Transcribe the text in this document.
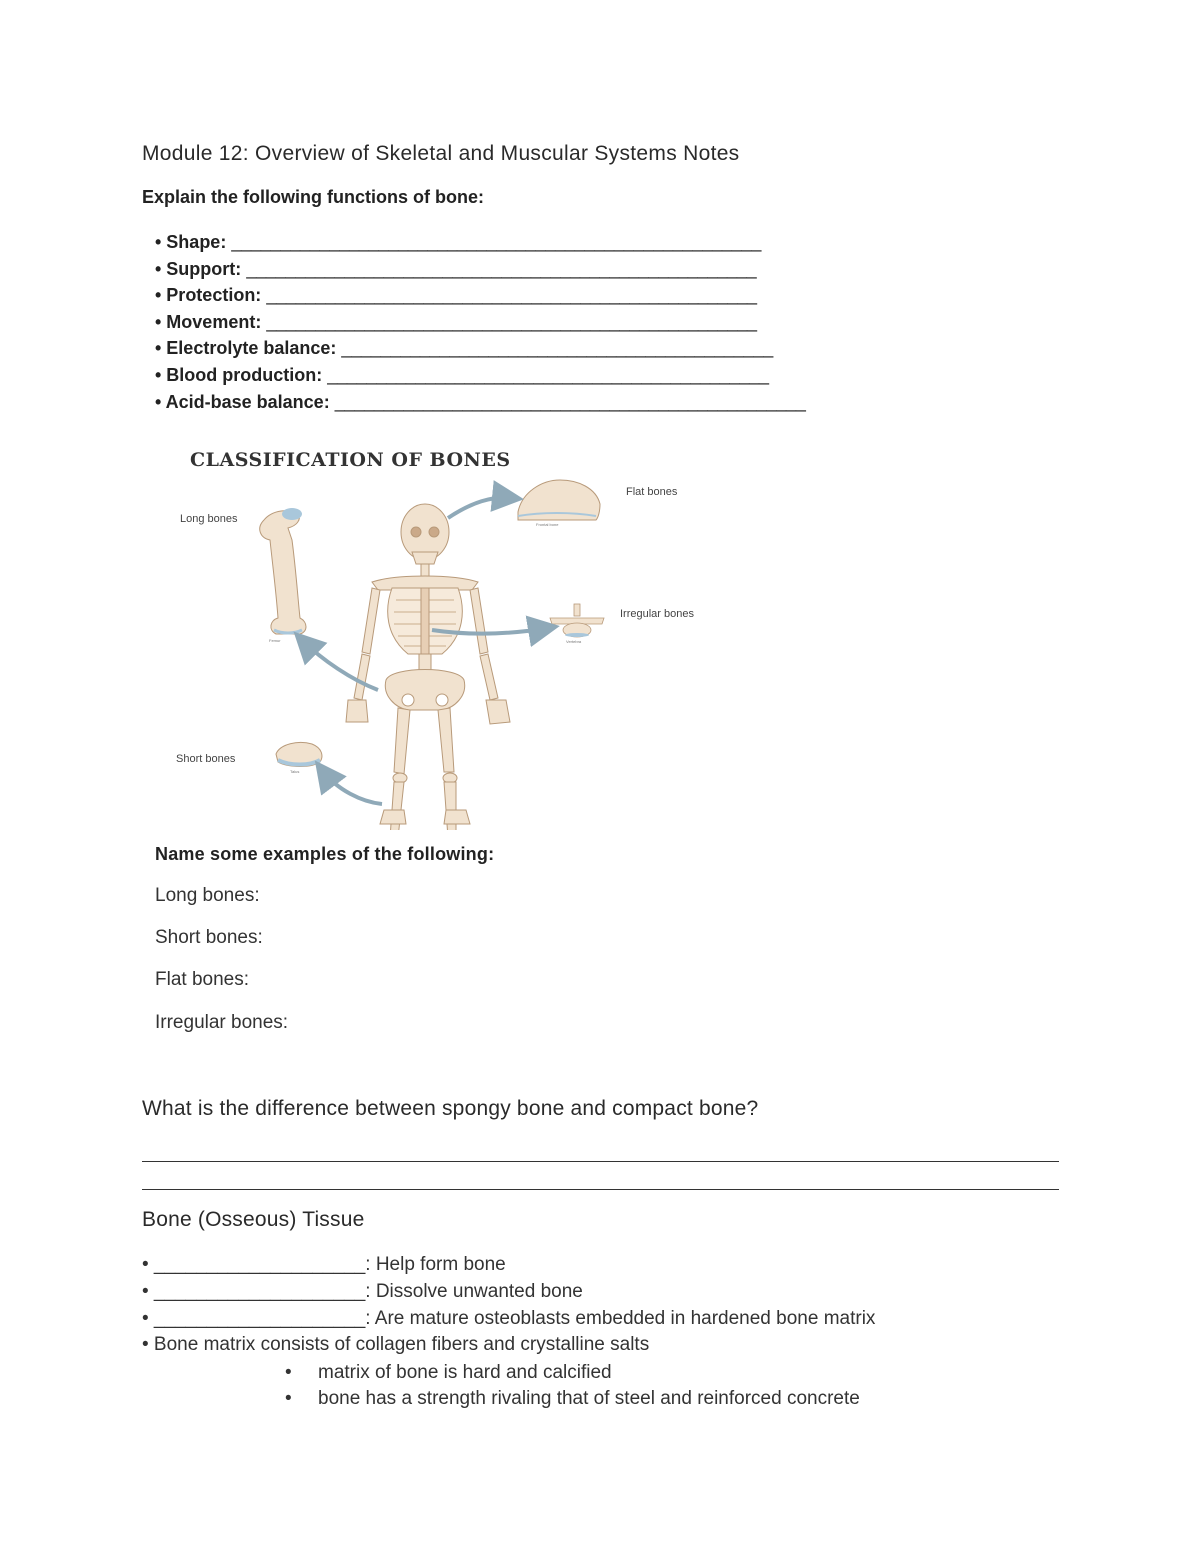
Module 12: Overview of Skeletal and Muscular Systems Notes
Explain the following functions of bone:
• Shape: ______________________________________________________
• Support: ____________________________________________________
• Protection: __________________________________________________
• Movement: __________________________________________________
• Electrolyte balance: ____________________________________________
• Blood production: _____________________________________________
• Acid-base balance: ________________________________________________
CLASSIFICATION OF BONES
Long bones
Flat bones
Irregular bones
Short bones
Femur
Frontal bone
Vertebra
Talus
Name some examples of the following:
Long bones:
Short bones:
Flat bones:
Irregular bones:
What is the difference between spongy bone and compact bone?
Bone (Osseous) Tissue
• ____________________: Help form bone
• ____________________: Dissolve unwanted bone
• ____________________: Are mature osteoblasts embedded in hardened bone matrix
• Bone matrix consists of collagen fibers and crystalline salts
• matrix of bone is hard and calcified
• bone has a strength rivaling that of steel and reinforced concrete
